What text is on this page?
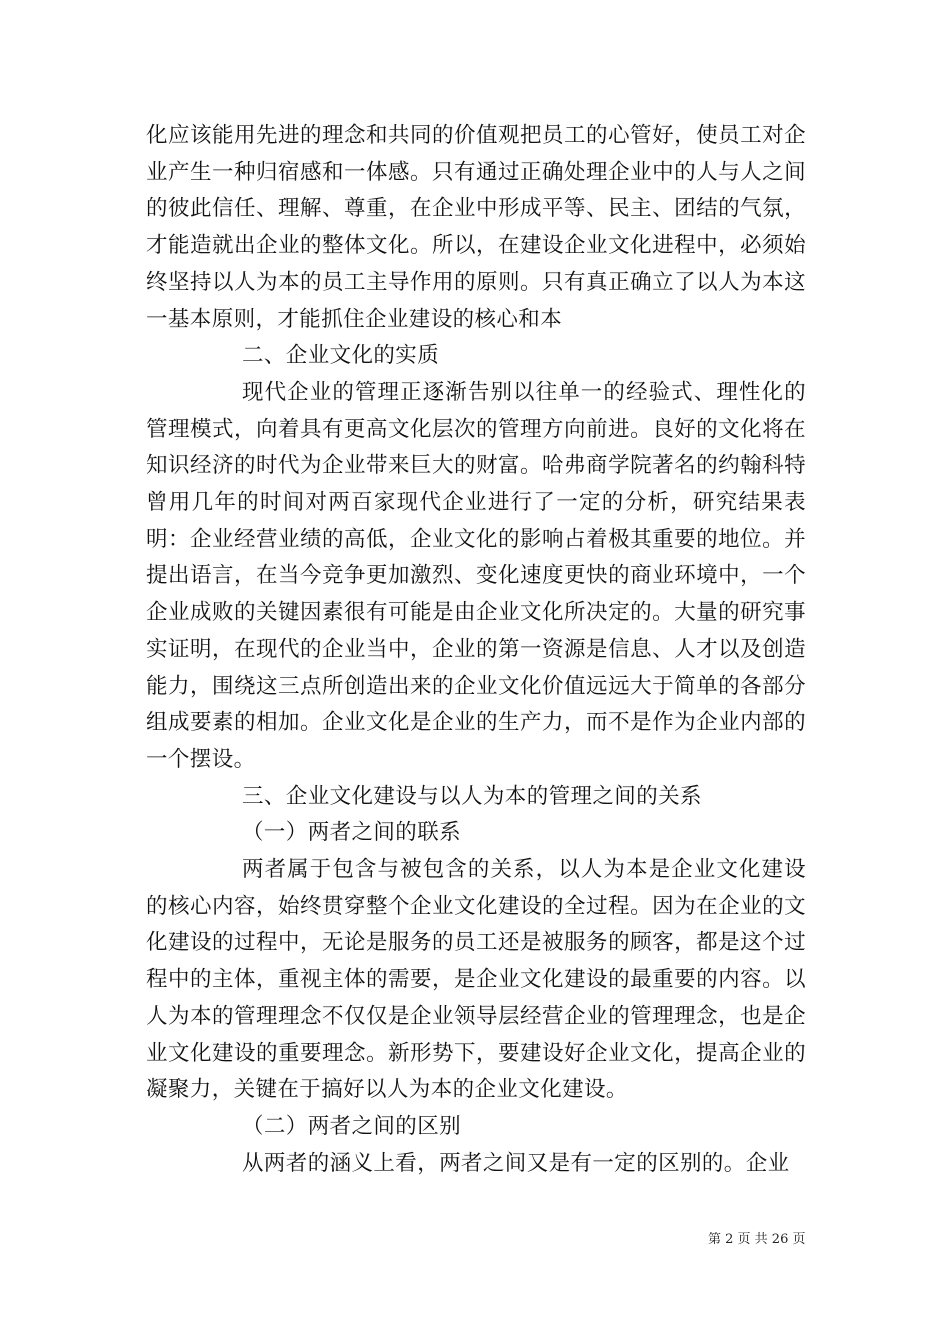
化应该能用先进的理念和共同的价值观把员工的心管好，使员工对企业产生一种归宿感和一体感。只有通过正确处理企业中的人与人之间的彼此信任、理解、尊重，在企业中形成平等、民主、团结的气氛，才能造就出企业的整体文化。所以，在建设企业文化进程中，必须始终坚持以人为本的员工主导作用的原则。只有真正确立了以人为本这一基本原则，才能抓住企业建设的核心和本

二、企业文化的实质

现代企业的管理正逐渐告别以往单一的经验式、理性化的管理模式，向着具有更高文化层次的管理方向前进。良好的文化将在知识经济的时代为企业带来巨大的财富。哈弗商学院著名的约翰科特曾用几年的时间对两百家现代企业进行了一定的分析，研究结果表明：企业经营业绩的高低，企业文化的影响占着极其重要的地位。并提出语言，在当今竞争更加激烈、变化速度更快的商业环境中，一个企业成败的关键因素很有可能是由企业文化所决定的。大量的研究事实证明，在现代的企业当中，企业的第一资源是信息、人才以及创造能力，围绕这三点所创造出来的企业文化价值远远大于简单的各部分组成要素的相加。企业文化是企业的生产力，而不是作为企业内部的一个摆设。

三、企业文化建设与以人为本的管理之间的关系

（一）两者之间的联系

两者属于包含与被包含的关系，以人为本是企业文化建设的核心内容，始终贯穿整个企业文化建设的全过程。因为在企业的文化建设的过程中，无论是服务的员工还是被服务的顾客，都是这个过程中的主体，重视主体的需要，是企业文化建设的最重要的内容。以人为本的管理理念不仅仅是企业领导层经营企业的管理理念，也是企业文化建设的重要理念。新形势下，要建设好企业文化，提高企业的凝聚力，关键在于搞好以人为本的企业文化建设。

（二）两者之间的区别

从两者的涵义上看，两者之间又是有一定的区别的。企业

第 2 页 共 26 页
